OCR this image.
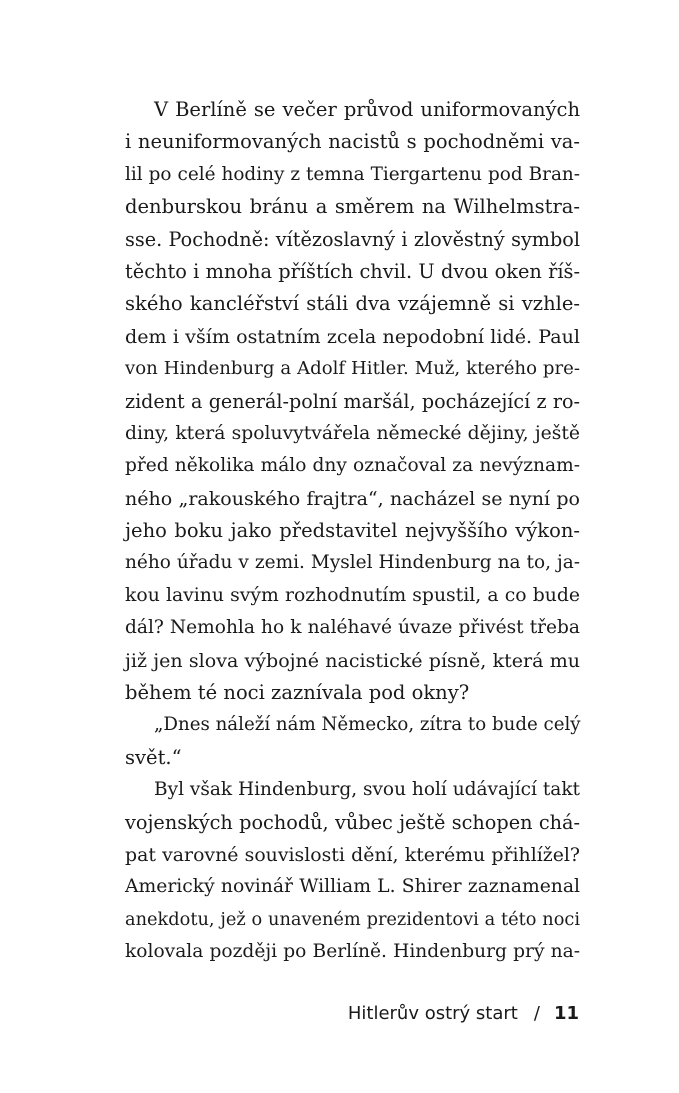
V Berlíně se večer průvod uniformovaných
i neuniformovaných nacistů s pochodněmi va-
lil po celé hodiny z temna Tiergartenu pod Bran-
denburskou bránu a směrem na Wilhelmstra-
sse. Pochodně: vítězoslavný i zlověstný symbol
těchto i mnoha příštích chvil. U dvou oken říš-
ského kancléřství stáli dva vzájemně si vzhle-
dem i vším ostatním zcela nepodobní lidé. Paul
von Hindenburg a Adolf Hitler. Muž, kterého pre-
zident a generál-polní maršál, pocházející z ro-
diny, která spoluvytvářela německé dějiny, ještě
před několika málo dny označoval za nevýznam-
ného „rakouského frajtra“, nacházel se nyní po
jeho boku jako představitel nejvyššího výkon-
ného úřadu v zemi. Myslel Hindenburg na to, ja-
kou lavinu svým rozhodnutím spustil, a co bude
dál? Nemohla ho k naléhavé úvaze přivést třeba
již jen slova výbojné nacistické písně, která mu
během té noci zaznívala pod okny?
„Dnes náleží nám Německo, zítra to bude celý
svět.“
Byl však Hindenburg, svou holí udávající takt
vojenských pochodů, vůbec ještě schopen chá-
pat varovné souvislosti dění, kterému přihlížel?
Americký novinář William L. Shirer zaznamenal
anekdotu, jež o unaveném prezidentovi a této noci
kolovala později po Berlíně. Hindenburg prý na-
Hitlerův ostrý start / 11
